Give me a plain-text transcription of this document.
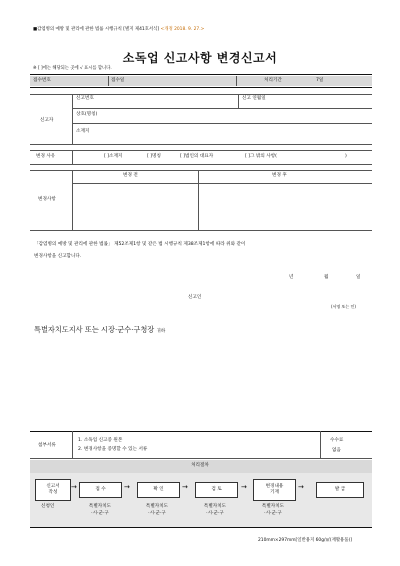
■감염병의 예방 및 관리에 관한 법률 시행규칙 [별지 제41호서식] <개정 2018. 9. 27.>
소독업 신고사항 변경신고서
※ [ ]에는 해당되는 곳에 √ 표시를 합니다.
접수번호	접수일	처리기간	7일
신고자
신고번호	신고 연월일
상호(명칭)
소재지
변경 사유	[ ]소재지	[ ]명칭	[ ]법인의 대표자	[ ]그 밖의 사항(	)
변경 전	변경 후
변경사항
「감염병의 예방 및 관리에 관한 법률」 제52조제1항 및 같은 법 시행규칙 제38조제1항에 따라 위와 같이
변경사항을 신고합니다.
년	월	일
신고인
(서명 또는 인)
특별자치도지사 또는 시장·군수·구청장 귀하
첨부서류
1. 소독업 신고증 원본
2. 변경사항을 증명할 수 있는 서류
수수료
없음
처리절차
신고서
작성
→	접 수	→	확 인	→	검 토	→	변경내용
기재
→	발 급
신청인	특별자치도
·시·군·구
특별자치도
·시·군·구
특별자치도
·시·군·구
특별자치도
·시·군·구
210mm×297mm[일반용지 60g/㎡(재활용품)]
